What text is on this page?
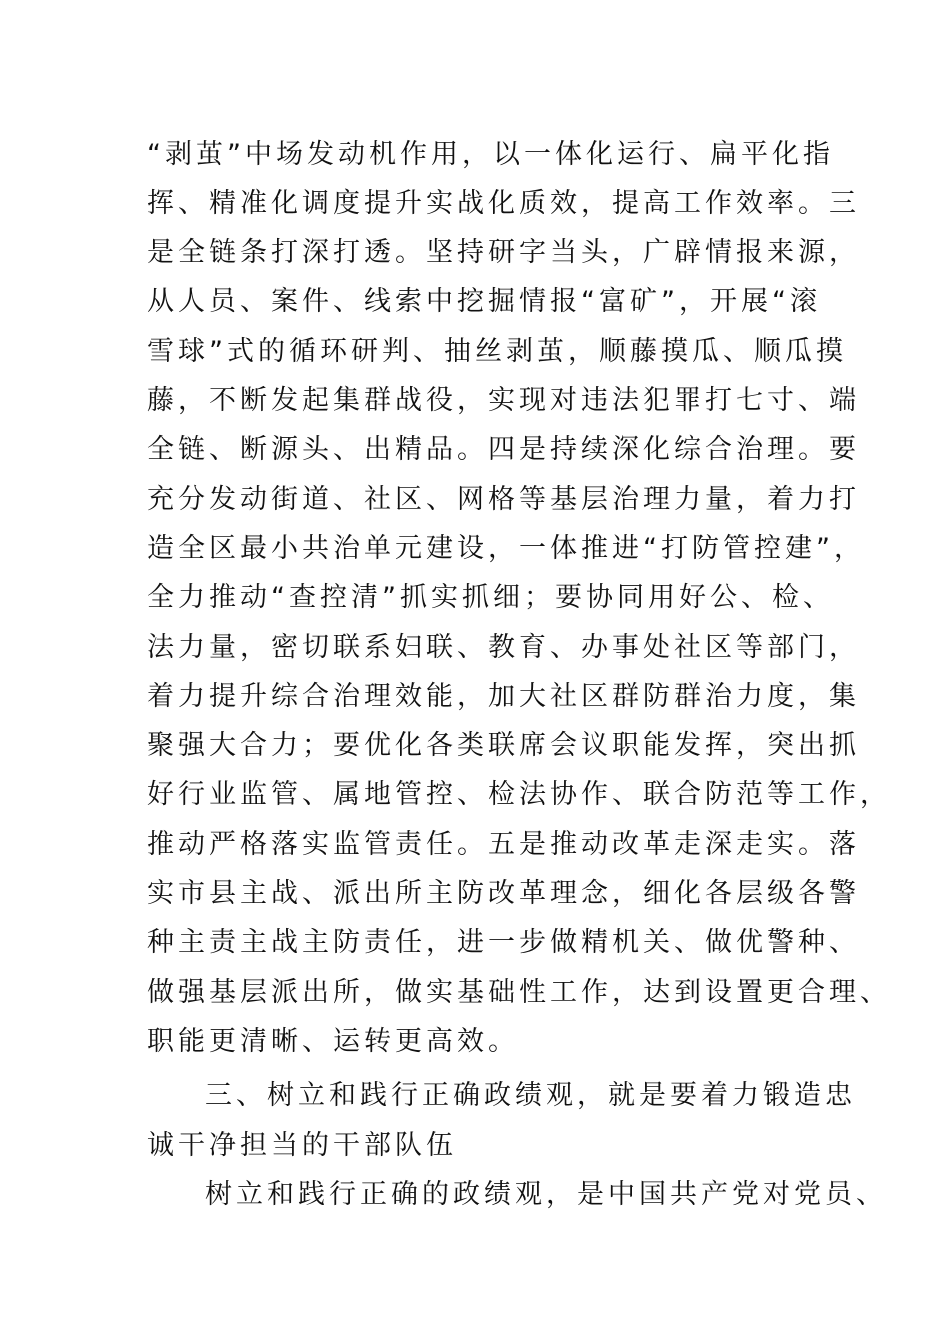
“剥茧”中场发动机作用，以一体化运行、扁平化指
挥、精准化调度提升实战化质效，提高工作效率。三
是全链条打深打透。坚持研字当头，广辟情报来源，
从人员、案件、线索中挖掘情报“富矿”，开展“滚
雪球”式的循环研判、抽丝剥茧，顺藤摸瓜、顺瓜摸
藤，不断发起集群战役，实现对违法犯罪打七寸、端
全链、断源头、出精品。四是持续深化综合治理。要
充分发动街道、社区、网格等基层治理力量，着力打
造全区最小共治单元建设，一体推进“打防管控建”，
全力推动“查控清”抓实抓细；要协同用好公、检、
法力量，密切联系妇联、教育、办事处社区等部门，
着力提升综合治理效能，加大社区群防群治力度，集
聚强大合力；要优化各类联席会议职能发挥，突出抓
好行业监管、属地管控、检法协作、联合防范等工作，
推动严格落实监管责任。五是推动改革走深走实。落
实市县主战、派出所主防改革理念，细化各层级各警
种主责主战主防责任，进一步做精机关、做优警种、
做强基层派出所，做实基础性工作，达到设置更合理、
职能更清晰、运转更高效。
三、树立和践行正确政绩观，就是要着力锻造忠
诚干净担当的干部队伍
树立和践行正确的政绩观，是中国共产党对党员、
